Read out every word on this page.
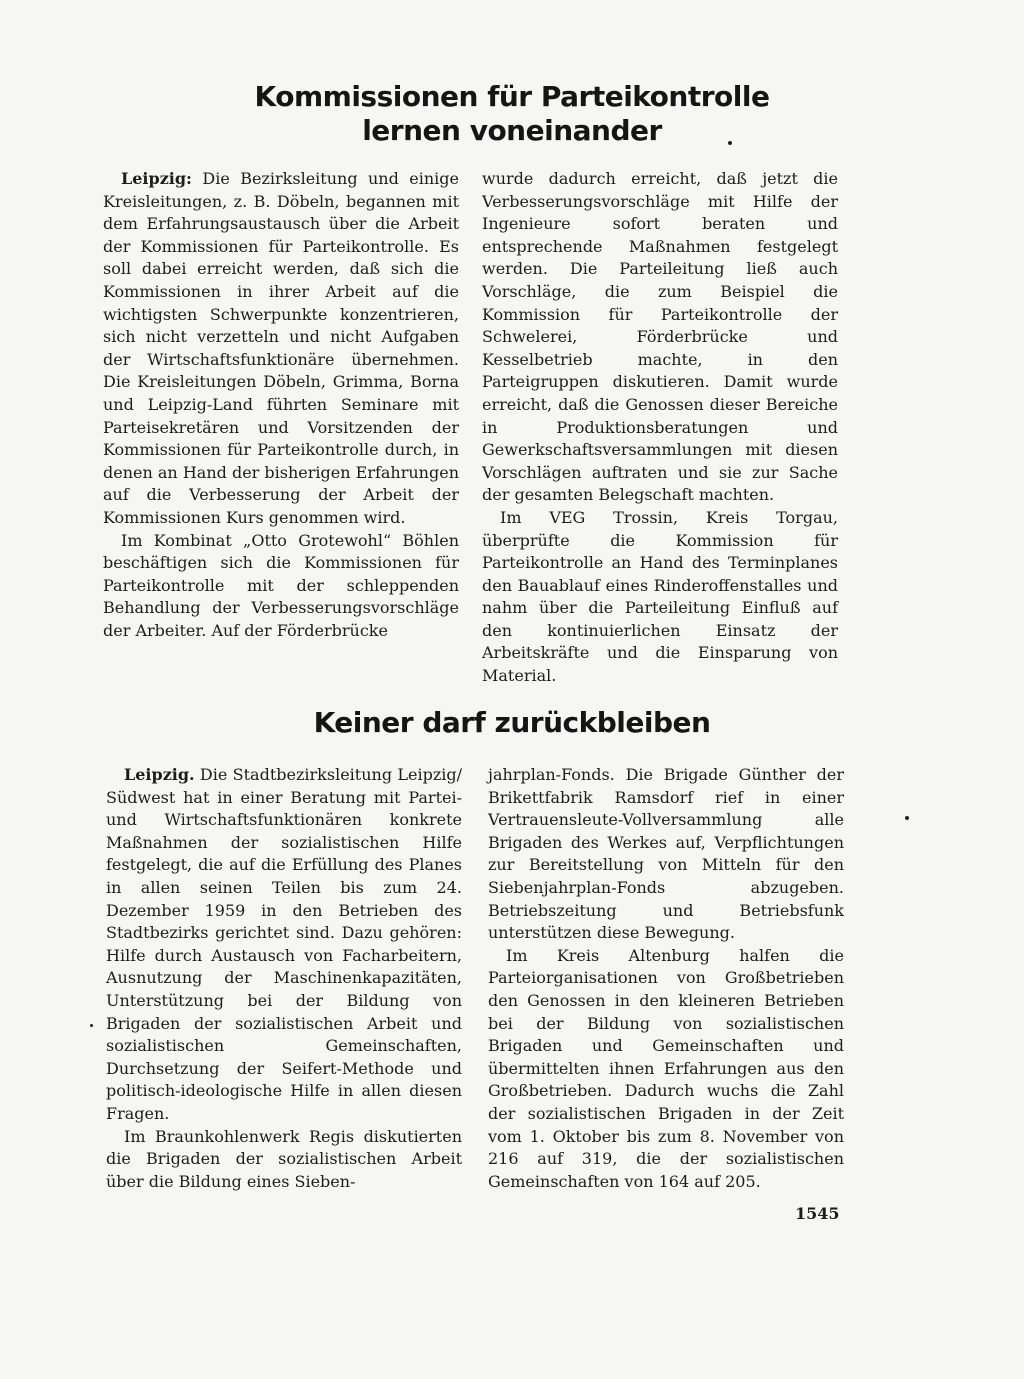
Kommissionen für Parteikontrolle
lernen voneinander

Leipzig: Die Bezirksleitung und einige Kreisleitungen, z. B. Döbeln, begannen mit dem Erfahrungsaustausch über die Arbeit der Kommissionen für Parteikontrolle. Es soll dabei erreicht werden, daß sich die Kommissionen in ihrer Arbeit auf die wichtigsten Schwerpunkte konzentrieren, sich nicht verzetteln und nicht Aufgaben der Wirtschaftsfunktionäre übernehmen. Die Kreisleitungen Döbeln, Grimma, Borna und Leipzig-Land führten Seminare mit Parteisekretären und Vorsitzenden der Kommissionen für Parteikontrolle durch, in denen an Hand der bisherigen Erfahrungen auf die Verbesserung der Arbeit der Kommissionen Kurs genommen wird.

Im Kombinat „Otto Grotewohl“ Böhlen beschäftigen sich die Kommissionen für Parteikontrolle mit der schleppenden Behandlung der Verbesserungsvorschläge der Arbeiter. Auf der Förderbrücke

wurde dadurch erreicht, daß jetzt die Verbesserungsvorschläge mit Hilfe der Ingenieure sofort beraten und entsprechende Maßnahmen festgelegt werden. Die Parteileitung ließ auch Vorschläge, die zum Beispiel die Kommission für Parteikontrolle der Schwelerei, Förderbrücke und Kesselbetrieb machte, in den Parteigruppen diskutieren. Damit wurde erreicht, daß die Genossen dieser Bereiche in Produktionsberatungen und Gewerkschaftsversammlungen mit diesen Vorschlägen auftraten und sie zur Sache der gesamten Belegschaft machten.

Im VEG Trossin, Kreis Torgau, überprüfte die Kommission für Parteikontrolle an Hand des Terminplanes den Bauablauf eines Rinderoffenstalles und nahm über die Parteileitung Einfluß auf den kontinuierlichen Einsatz der Arbeitskräfte und die Einsparung von Material.

Keiner darf zurückbleiben

Leipzig. Die Stadtbezirksleitung Leipzig/ Südwest hat in einer Beratung mit Partei- und Wirtschaftsfunktionären konkrete Maßnahmen der sozialistischen Hilfe festgelegt, die auf die Erfüllung des Planes in allen seinen Teilen bis zum 24. Dezember 1959 in den Betrieben des Stadtbezirks gerichtet sind. Dazu gehören: Hilfe durch Austausch von Facharbeitern, Ausnutzung der Maschinenkapazitäten, Unterstützung bei der Bildung von Brigaden der sozialistischen Arbeit und sozialistischen Gemeinschaften, Durchsetzung der Seifert-Methode und politisch-ideologische Hilfe in allen diesen Fragen.

Im Braunkohlenwerk Regis diskutierten die Brigaden der sozialistischen Arbeit über die Bildung eines Sieben-

jahrplan-Fonds. Die Brigade Günther der Brikettfabrik Ramsdorf rief in einer Vertrauensleute-Vollversammlung alle Brigaden des Werkes auf, Verpflichtungen zur Bereitstellung von Mitteln für den Siebenjahrplan-Fonds abzugeben. Betriebszeitung und Betriebsfunk unterstützen diese Bewegung.

Im Kreis Altenburg halfen die Parteiorganisationen von Großbetrieben den Genossen in den kleineren Betrieben bei der Bildung von sozialistischen Brigaden und Gemeinschaften und übermittelten ihnen Erfahrungen aus den Großbetrieben. Dadurch wuchs die Zahl der sozialistischen Brigaden in der Zeit vom 1. Oktober bis zum 8. November von 216 auf 319, die der sozialistischen Gemeinschaften von 164 auf 205.

1545
